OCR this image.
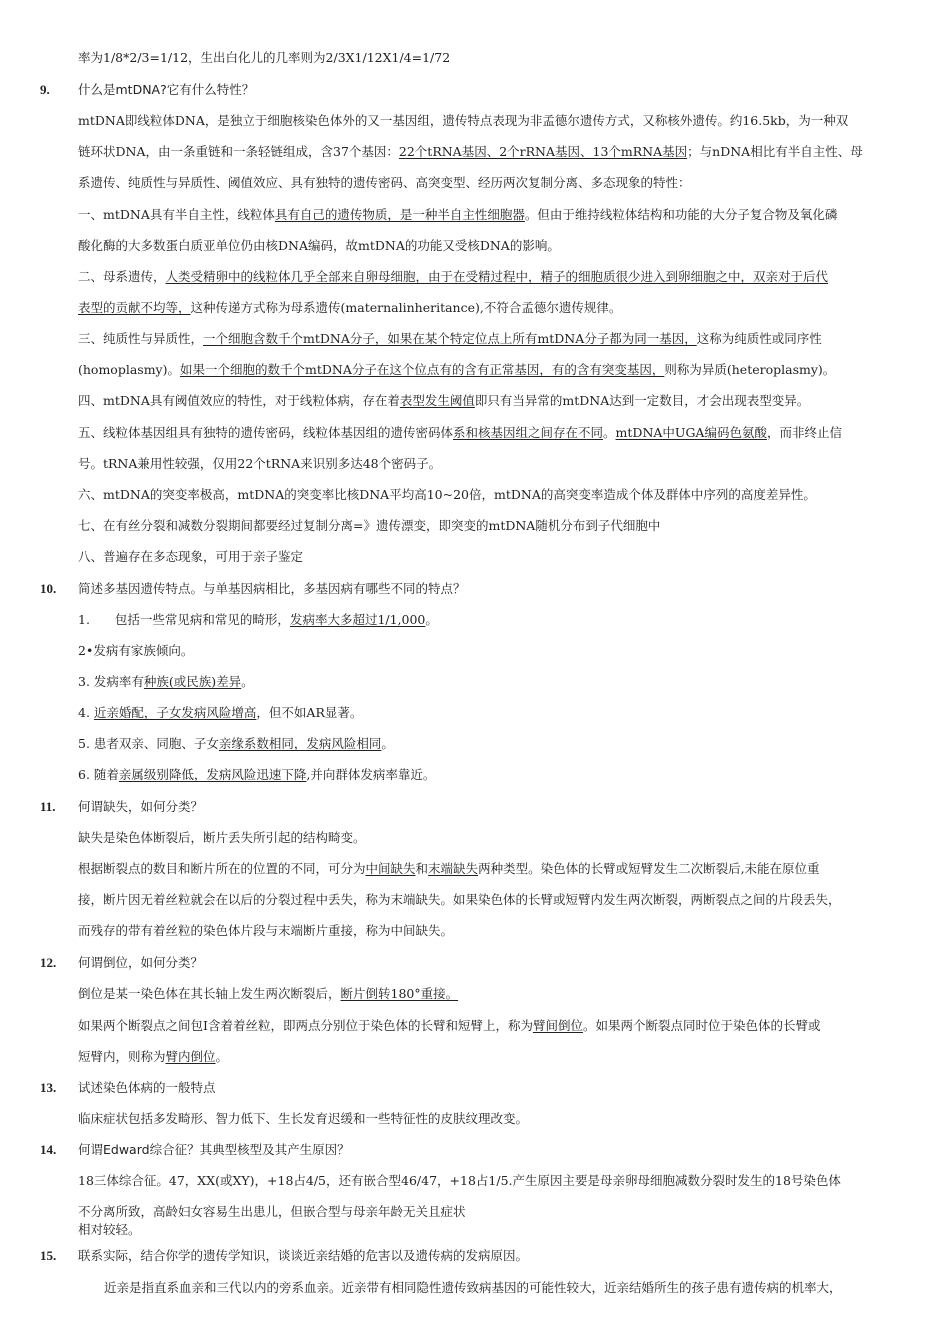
率为1/8*2/3=1/12，生出白化儿的几率则为2/3X1/12X1/4=1/72
9. 什么是mtDNA?它有什么特性？
mtDNA即线粒体DNA，是独立于细胞核染色体外的又一基因组，遗传特点表现为非孟德尔遗传方式，又称核外遗传。约16.5kb，为一种双
链环状DNA，由一条重链和一条轻链组成，含37个基因：22个tRNA基因、2个rRNA基因、13个mRNA基因；与nDNA相比有半自主性、母
系遗传、纯质性与异质性、阈值效应、具有独特的遗传密码、高突变型、经历两次复制分离、多态现象的特性：
一、mtDNA具有半自主性，线粒体具有自己的遗传物质，是一种半自主性细胞器。但由于维持线粒体结构和功能的大分子复合物及氧化磷
酸化酶的大多数蛋白质亚单位仍由核DNA编码，故mtDNA的功能又受核DNA的影响。
二、母系遗传，人类受精卵中的线粒体几乎全部来自卵母细胞，由于在受精过程中，精子的细胞质很少进入到卵细胞之中，双亲对于后代
表型的贡献不均等，这种传递方式称为母系遗传(maternalinheritance),不符合孟德尔遗传规律。
三、纯质性与异质性，一个细胞含数千个mtDNA分子，如果在某个特定位点上所有mtDNA分子都为同一基因，这称为纯质性或同序性
(homoplasmy)。如果一个细胞的数千个mtDNA分子在这个位点有的含有正常基因，有的含有突变基因，则称为异质(heteroplasmy)。
四、mtDNA具有阈值效应的特性，对于线粒体病，存在着表型发生阈值即只有当异常的mtDNA达到一定数目，才会出现表型变异。
五、线粒体基因组具有独特的遗传密码，线粒体基因组的遗传密码体系和核基因组之间存在不同。mtDNA中UGA编码色氨酸，而非终止信
号。tRNA兼用性较强，仅用22个tRNA来识别多达48个密码子。
六、mtDNA的突变率极高，mtDNA的突变率比核DNA平均高10~20倍，mtDNA的高突变率造成个体及群体中序列的高度差异性。
七、在有丝分裂和减数分裂期间都要经过复制分离=》遗传漂变，即突变的mtDNA随机分布到子代细胞中
八、普遍存在多态现象，可用于亲子鉴定
10. 简述多基因遗传特点。与单基因病相比，多基因病有哪些不同的特点？
1.　　包括一些常见病和常见的畸形，发病率大多超过1/1,000。
2•发病有家族倾向。
3. 发病率有种族(或民族)差异。
4. 近亲婚配，子女发病风险增高，但不如AR显著。
5. 患者双亲、同胞、子女亲缘系数相同，发病风险相同。
6. 随着亲属级别降低，发病风险迅速下降,并向群体发病率靠近。
11. 何谓缺失，如何分类？
缺失是染色体断裂后，断片丢失所引起的结构畸变。
根据断裂点的数目和断片所在的位置的不同，可分为中间缺失和末端缺失两种类型。染色体的长臂或短臂发生二次断裂后,未能在原位重
接，断片因无着丝粒就会在以后的分裂过程中丢失，称为末端缺失。如果染色体的长臂或短臂内发生两次断裂，两断裂点之间的片段丢失，
而残存的带有着丝粒的染色体片段与末端断片重接，称为中间缺失。
12. 何谓倒位，如何分类？
倒位是某一染色体在其长轴上发生两次断裂后，断片倒转180°重接。
如果两个断裂点之间包I含着着丝粒，即两点分别位于染色体的长臂和短臂上，称为臂间倒位。如果两个断裂点同时位于染色体的长臂或
短臂内，则称为臂内倒位。
13. 试述染色体病的一般特点
临床症状包括多发畸形、智力低下、生长发育迟缓和一些特征性的皮肤纹理改变。
14. 何谓Edward综合征？其典型核型及其产生原因？
18三体综合征。47，XX(或XY)，+18占4/5，还有嵌合型46/47，+18占1/5.产生原因主要是母亲卵母细胞减数分裂时发生的18号染色体
不分离所致，高龄妇女容易生出患儿，但嵌合型与母亲年龄无关且症状
相对较轻。
15. 联系实际，结合你学的遗传学知识，谈谈近亲结婚的危害以及遗传病的发病原因。
近亲是指直系血亲和三代以内的旁系血亲。近亲带有相同隐性遗传致病基因的可能性较大，近亲结婚所生的孩子患有遗传病的机率大，
